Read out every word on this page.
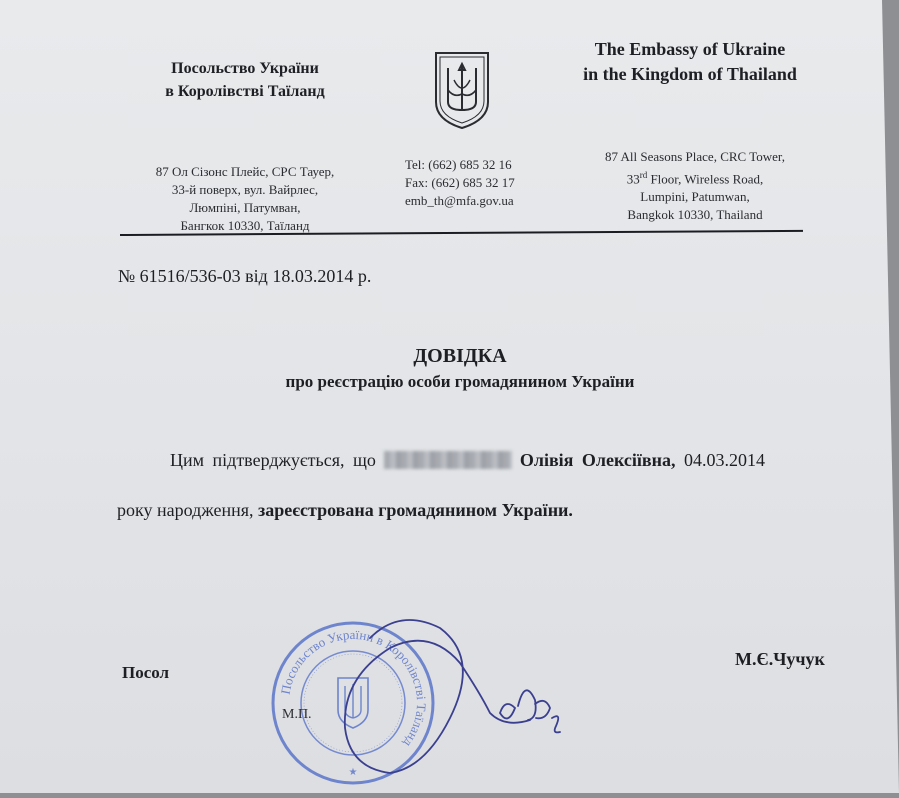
Посольство України
в Королівстві Таїланд
The Embassy of Ukraine
in the Kingdom of Thailand
87 Ол Сізонс Плейс, СРС Тауер,
33-й поверх, вул. Вайрлес,
Люмпіні, Патумван,
Бангкок 10330, Таїланд
Tel: (662) 685 32 16
Fax: (662) 685 32 17
emb_th@mfa.gov.ua
87 All Seasons Place, CRC Tower,
33rd Floor, Wireless Road,
Lumpini, Patumwan,
Bangkok 10330, Thailand
№ 61516/536-03 від 18.03.2014 р.
ДОВІДКА
про реєстрацію особи громадянином України
Цим підтверджується, що	Олівія Олексіївна, 04.03.2014
року народження, зареєстрована громадянином України.
Посол
М.Є.Чучук
Посольство України в Королівстві Таїланд
★
М.П.
